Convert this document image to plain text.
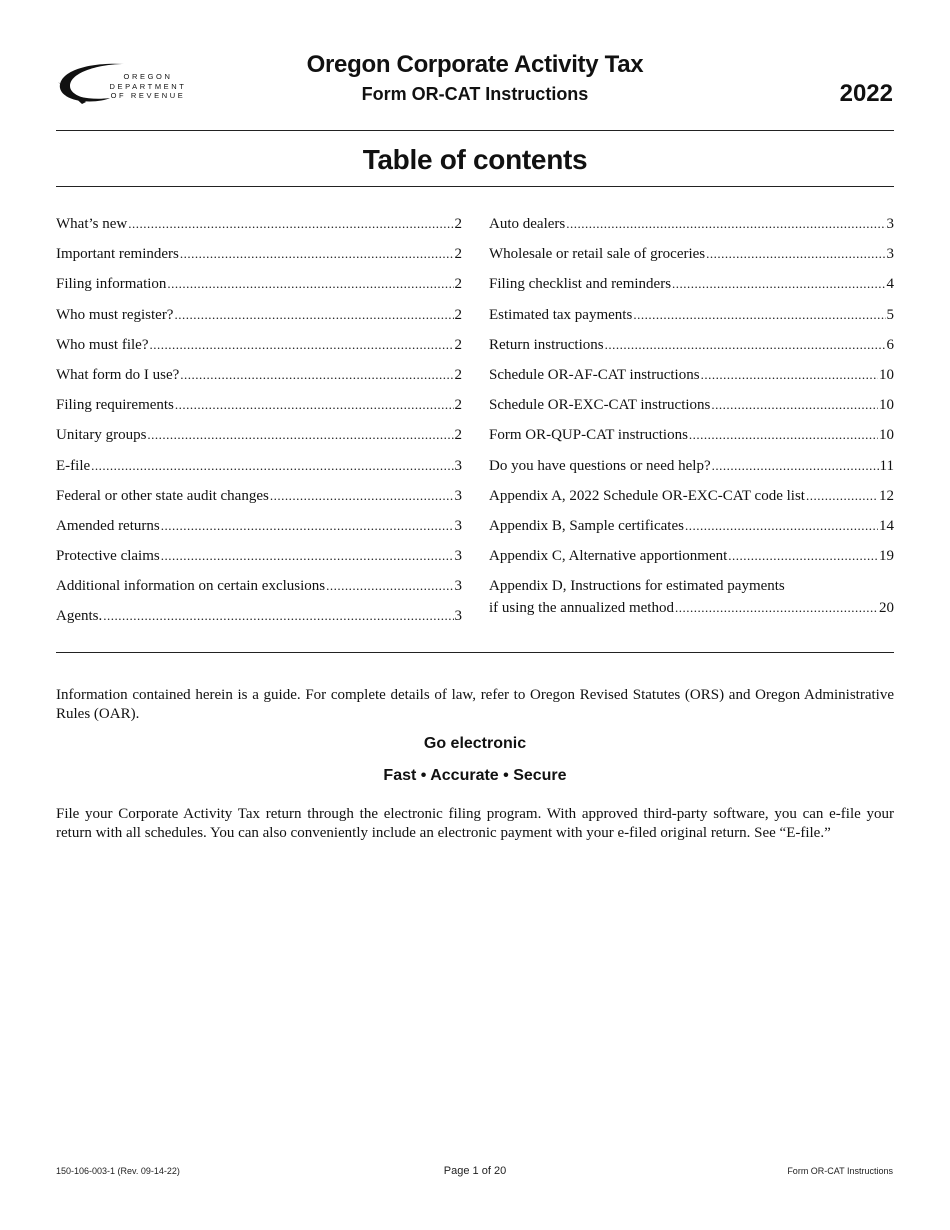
OREGON
DEPARTMENT
OF REVENUE
Oregon Corporate Activity Tax
Form OR-CAT Instructions	2022
Table of contents
What’s new .....	2
Important reminders .....	2
Filing information .....	2
Who must register? .....	2
Who must file? .....	2
What form do I use? .....	2
Filing requirements .....	2
Unitary groups .....	2
E-file .....	3
Federal or other state audit changes .....	3
Amended returns .....	3
Protective claims .....	3
Additional information on certain exclusions .....	3
Agents. .....	3
Auto dealers .....	3
Wholesale or retail sale of groceries .....	3
Filing checklist and reminders .....	4
Estimated tax payments .....	5
Return instructions .....	6
Schedule OR-AF-CAT instructions .....	10
Schedule OR-EXC-CAT instructions .....	10
Form OR-QUP-CAT instructions .....	10
Do you have questions or need help? .....	11
Appendix A, 2022 Schedule OR-EXC-CAT code list .....	12
Appendix B, Sample certificates .....	14
Appendix C, Alternative apportionment .....	19
Appendix D, Instructions for estimated payments
if using the annualized method .....	20
Information contained herein is a guide. For complete details of law, refer to Oregon Revised Statutes (ORS) and Oregon Administrative Rules (OAR).
Go electronic
Fast • Accurate • Secure
File your Corporate Activity Tax return through the electronic filing program. With approved third-party software, you can e-file your return with all schedules. You can also conveniently include an electronic payment with your e-filed original return. See “E-file.”
150-106-003-1 (Rev. 09-14-22)	Page 1 of 20	Form OR-CAT Instructions
